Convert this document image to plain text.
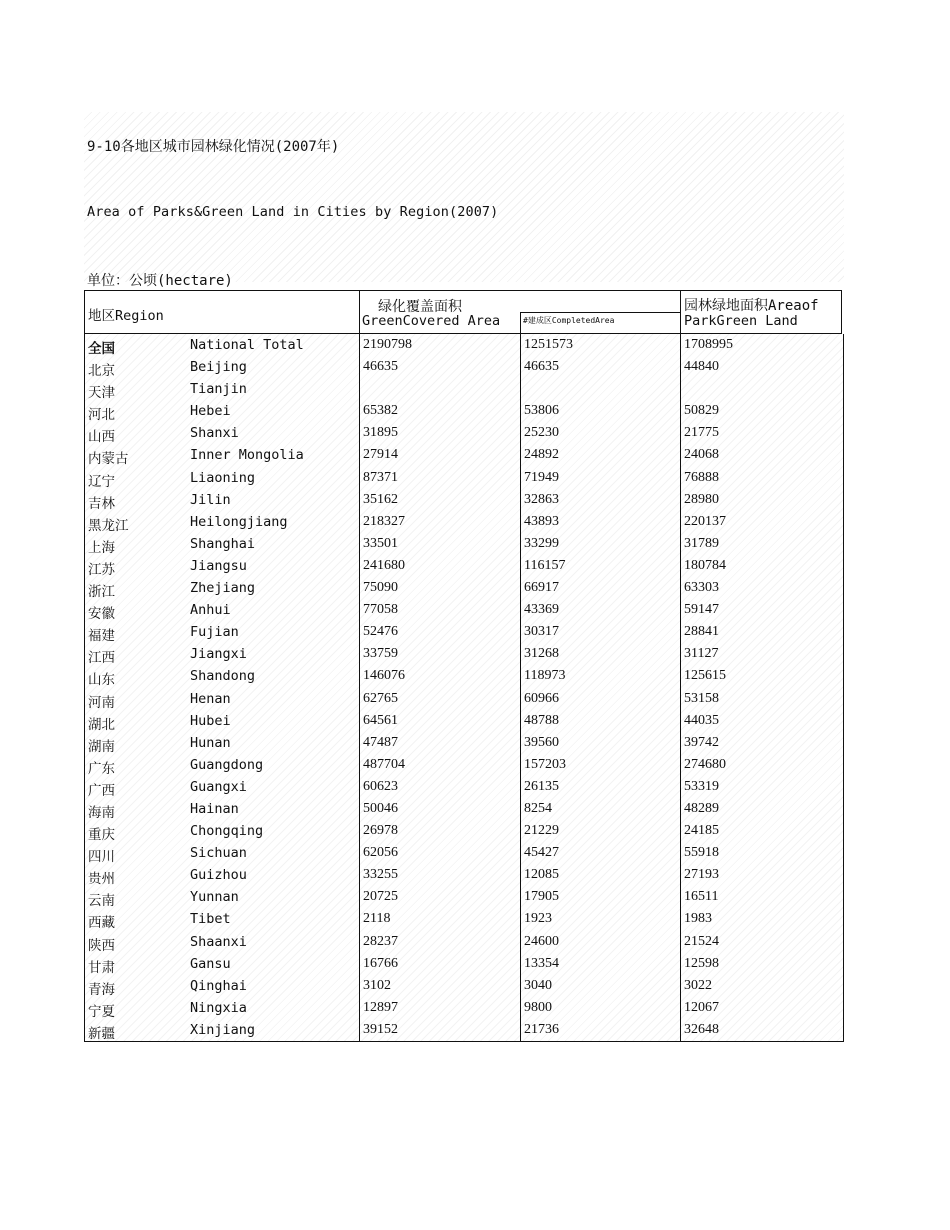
9-10各地区城市园林绿化情况(2007年)
Area of Parks&Green Land in Cities by Region(2007)
单位：公顷(hectare)
地区Region
绿化覆盖面积
GreenCovered Area	#建成区CompletedArea
园林绿地面积Areaof
ParkGreen Land
全国	National Total	2190798	1251573	1708995
北京	Beijing	46635	46635	44840
天津	Tianjin
河北	Hebei	65382	53806	50829
山西	Shanxi	31895	25230	21775
内蒙古	Inner Mongolia	27914	24892	24068
辽宁	Liaoning	87371	71949	76888
吉林	Jilin	35162	32863	28980
黑龙江	Heilongjiang	218327	43893	220137
上海	Shanghai	33501	33299	31789
江苏	Jiangsu	241680	116157	180784
浙江	Zhejiang	75090	66917	63303
安徽	Anhui	77058	43369	59147
福建	Fujian	52476	30317	28841
江西	Jiangxi	33759	31268	31127
山东	Shandong	146076	118973	125615
河南	Henan	62765	60966	53158
湖北	Hubei	64561	48788	44035
湖南	Hunan	47487	39560	39742
广东	Guangdong	487704	157203	274680
广西	Guangxi	60623	26135	53319
海南	Hainan	50046	8254	48289
重庆	Chongqing	26978	21229	24185
四川	Sichuan	62056	45427	55918
贵州	Guizhou	33255	12085	27193
云南	Yunnan	20725	17905	16511
西藏	Tibet	2118	1923	1983
陕西	Shaanxi	28237	24600	21524
甘肃	Gansu	16766	13354	12598
青海	Qinghai	3102	3040	3022
宁夏	Ningxia	12897	9800	12067
新疆	Xinjiang	39152	21736	32648
